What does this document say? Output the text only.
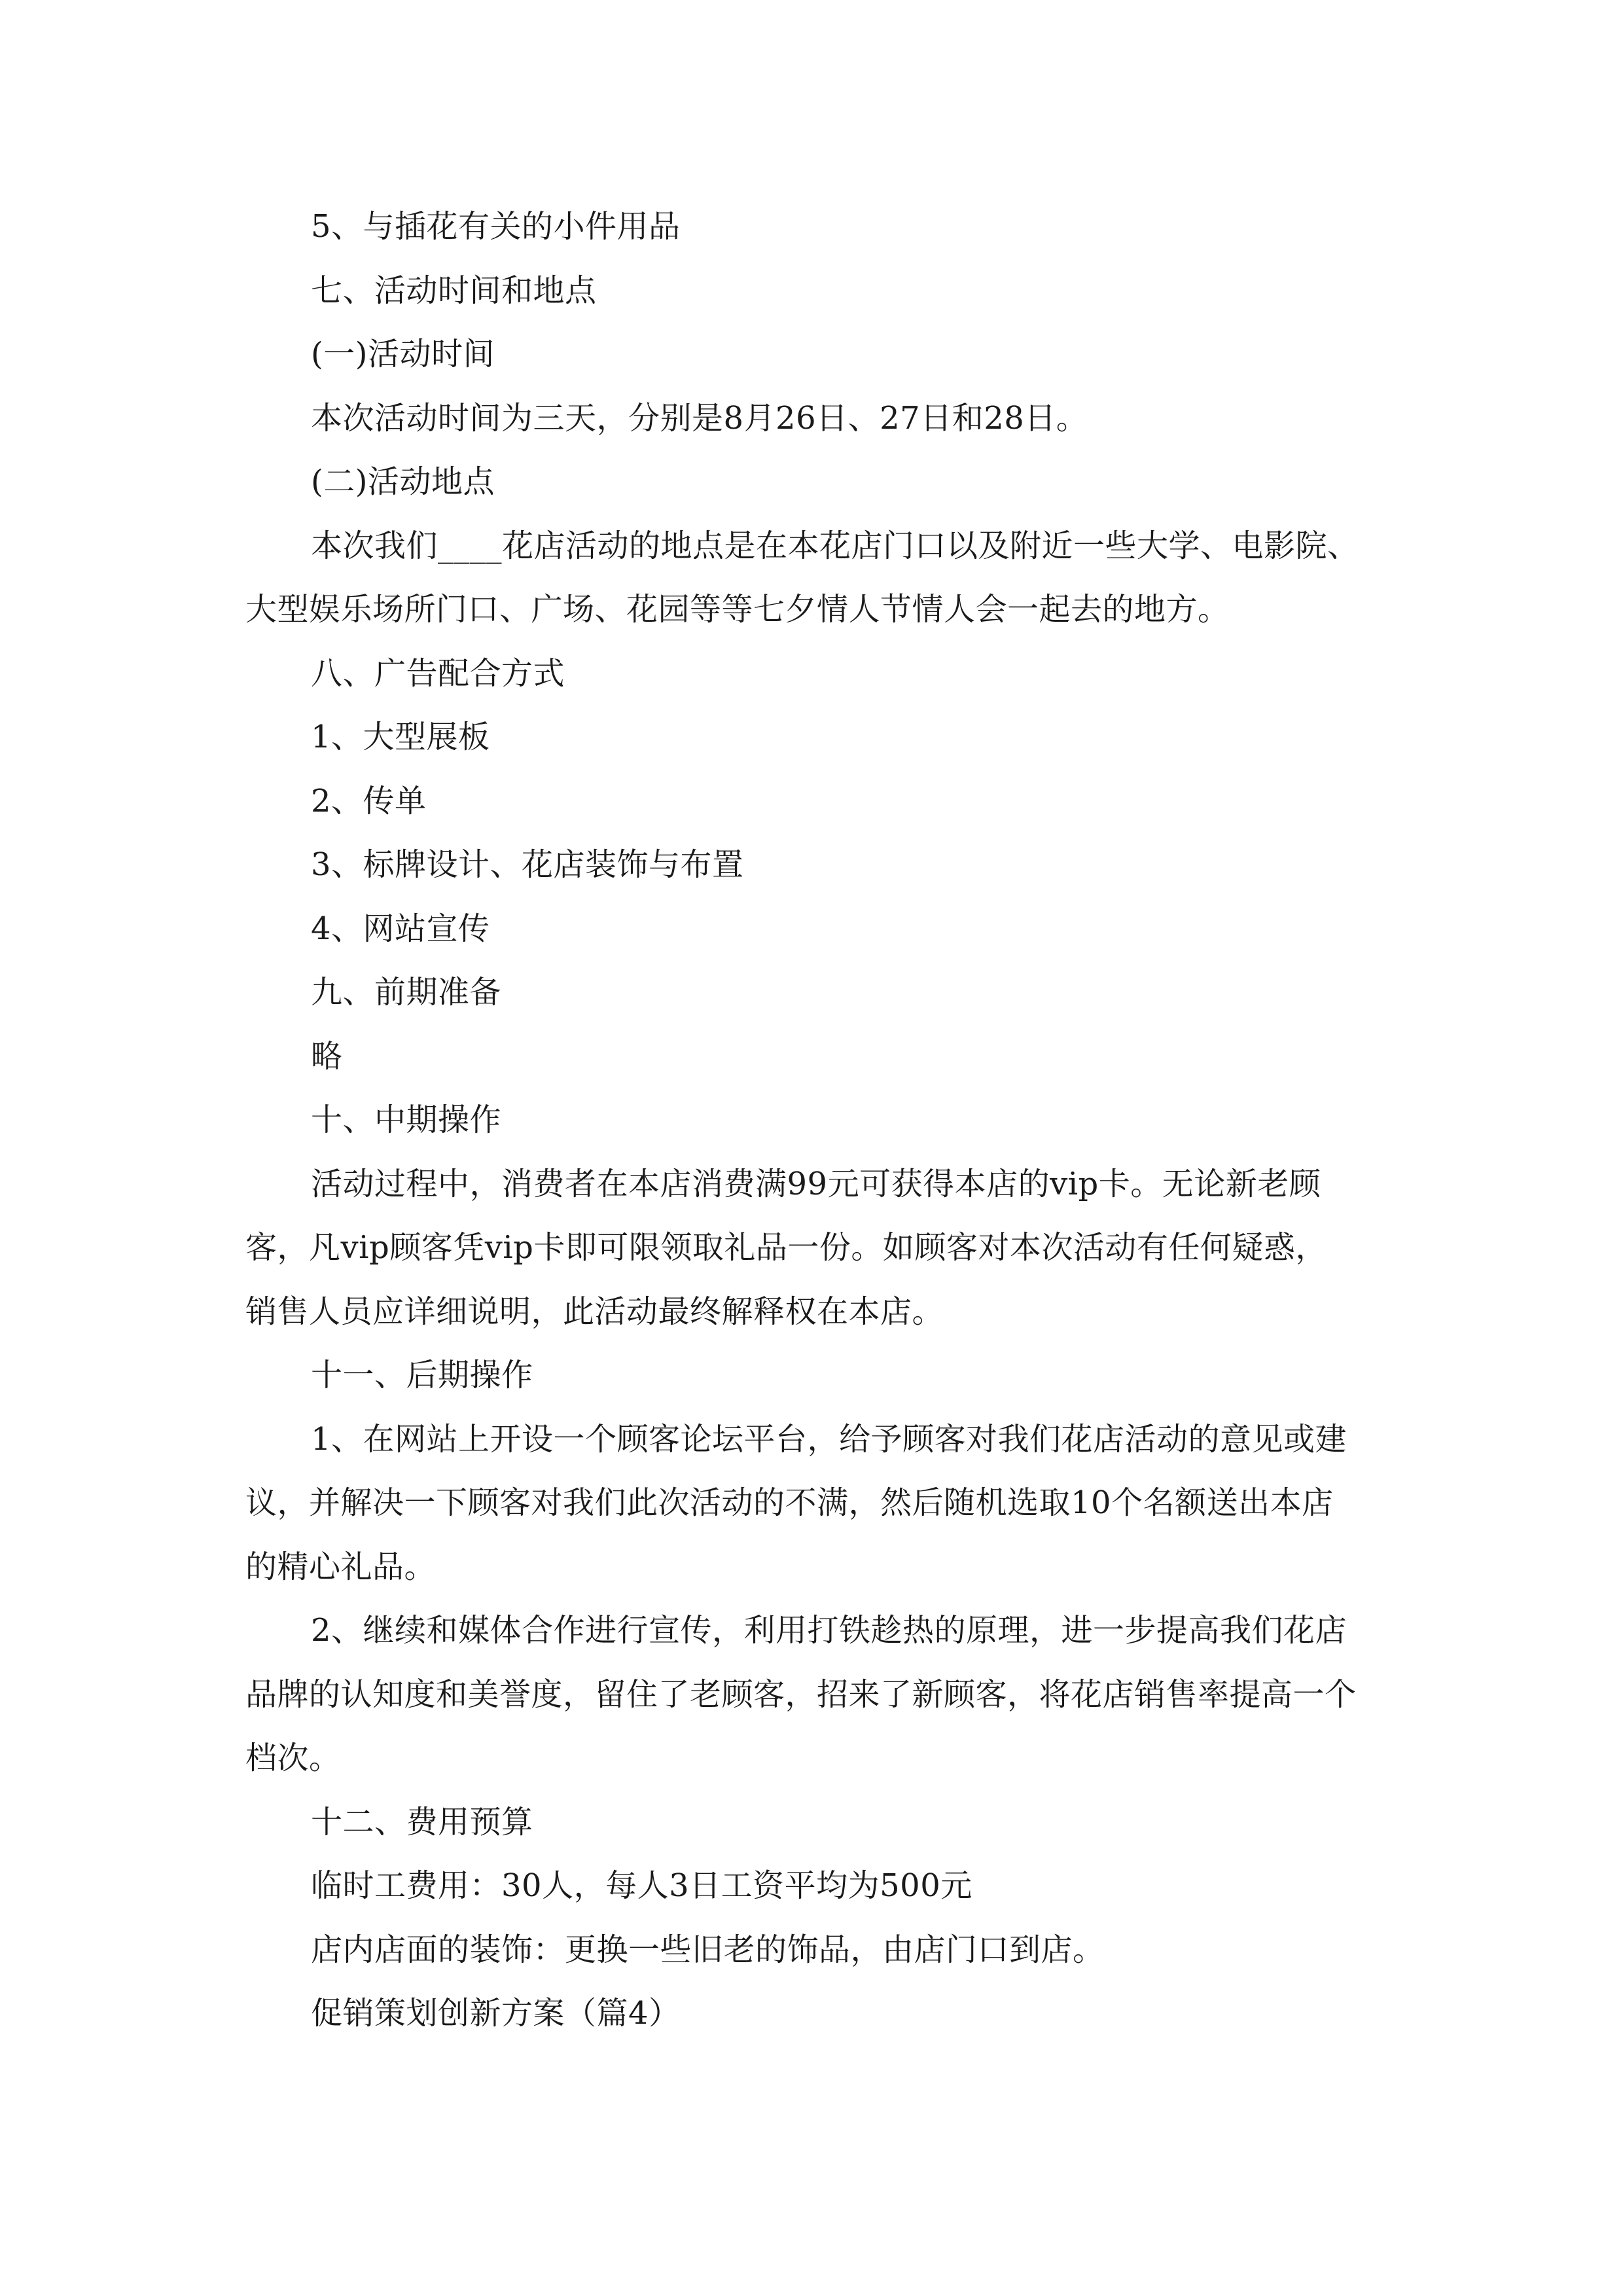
5、与插花有关的小件用品
七、活动时间和地点
(一)活动时间
本次活动时间为三天，分别是8月26日、27日和28日。
(二)活动地点
本次我们____花店活动的地点是在本花店门口以及附近一些大学、电影院、
大型娱乐场所门口、广场、花园等等七夕情人节情人会一起去的地方。
八、广告配合方式
1、大型展板
2、传单
3、标牌设计、花店装饰与布置
4、网站宣传
九、前期准备
略
十、中期操作
活动过程中，消费者在本店消费满99元可获得本店的vip卡。无论新老顾
客，凡vip顾客凭vip卡即可限领取礼品一份。如顾客对本次活动有任何疑惑，
销售人员应详细说明，此活动最终解释权在本店。
十一、后期操作
1、在网站上开设一个顾客论坛平台，给予顾客对我们花店活动的意见或建
议，并解决一下顾客对我们此次活动的不满，然后随机选取10个名额送出本店
的精心礼品。
2、继续和媒体合作进行宣传，利用打铁趁热的原理，进一步提高我们花店
品牌的认知度和美誉度，留住了老顾客，招来了新顾客，将花店销售率提高一个
档次。
十二、费用预算
临时工费用：30人，每人3日工资平均为500元
店内店面的装饰：更换一些旧老的饰品，由店门口到店。
促销策划创新方案（篇4）
